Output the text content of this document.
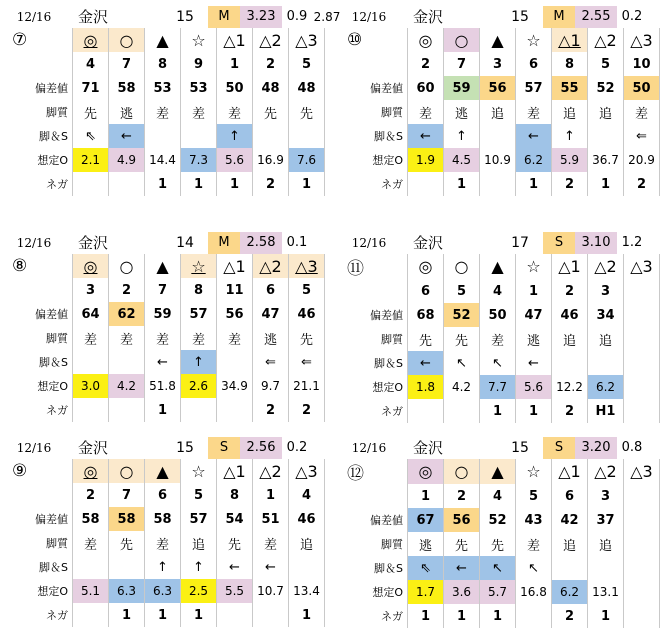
12/16	金沢	15	M	3.23 0.9 2.87
⑦	◎	○	▲	☆	△1	△2	△3
	4	7	8	9	1	2	5
偏差値	71	58	53	53	50	48	48
脚質	先	逃	差	差	差	先	先
脚＆S	⇖	←			↑		
想定O	2.1	4.9	14.4	7.3	5.6	16.9	7.6
ネガ			1	1	1	2	1
12/16	金沢	15	M	2.55 0.2
⑩	◎	○	▲	☆	△1	△2	△3
	2	7	3	6	8	5	10
偏差値	60	59	56	57	55	52	50
脚質	差	逃	追	差	追	追	差
脚＆S	←	↑		←	↑		⇐
想定O	1.9	4.5	10.9	6.2	5.9	36.7	20.9
ネガ		1		1	2	1	2
12/16	金沢	14	M	2.58 0.1
⑧	◎	○	▲	☆	△1	△2	△3
	3	2	7	8	11	6	5
偏差値	64	62	59	57	56	47	46
脚質	差	差	差	差	差	逃	先
脚＆S			←	↑		⇐	⇐
想定O	3.0	4.2	51.8	2.6	34.9	9.7	21.1
ネガ			1			2	2
12/16	金沢	17	S	3.10 1.2
⑪	◎	○	▲	☆	△1	△2	△3
	6	5	4	1	2	3	
偏差値	68	52	50	47	46	34	
脚質	先	先	差	逃	追	追	
脚＆S	←	↖	↖	←			
想定O	1.8	4.2	7.7	5.6	12.2	6.2	
ネガ			1	1	2	H1	
12/16	金沢	15	S	2.56 0.2
⑨	◎	○	▲	☆	△1	△2	△3
	2	7	6	5	8	1	4
偏差値	58	58	58	57	54	51	46
脚質	差	先	差	追	先	差	追
脚＆S			↑	↑	←	←	
想定O	5.1	6.3	6.3	2.5	5.5	10.7	13.4
ネガ		1	1	1			1
12/16	金沢	15	S	3.20 0.8
⑫	◎	○	▲	☆	△1	△2	△3
	1	2	4	5	6	3	
偏差値	67	56	52	43	42	37	
脚質	逃	先	先	差	追	追	
脚＆S	⇖	←	↖	↖			
想定O	1.7	3.6	5.7	16.8	6.2	13.1	
ネガ	1	1	1		2	1	
